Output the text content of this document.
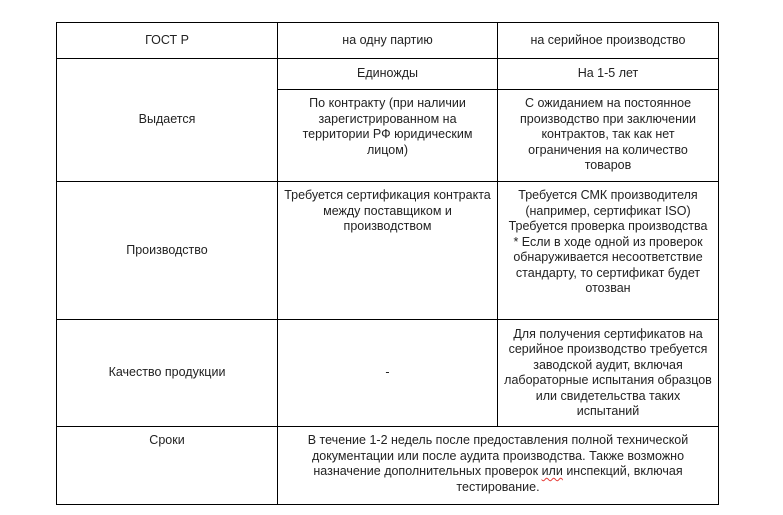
ГОСТ Р	на одну партию	на серийное производство
Выдается	Единожды	На 1-5 лет
	По контракту (при наличии зарегистрированном на территории РФ юридическим лицом)	С ожиданием на постоянное производство при заключении контрактов, так как нет ограничения на количество товаров
Производство	Требуется сертификация контракта между поставщиком и производством	Требуется СМК производителя (например, сертификат ISO)
Требуется проверка производства
* Если в ходе одной из проверок обнаруживается несоответствие стандарту, то сертификат будет отозван

Качество продукции	-	Для получения сертификатов на серийное производство требуется заводской аудит, включая лабораторные испытания образцов или свидетельства таких испытаний
Сроки	В течение 1-2 недель после предоставления полной технической документации или после аудита производства. Также возможно назначение дополнительных проверок или инспекций, включая тестирование.	
